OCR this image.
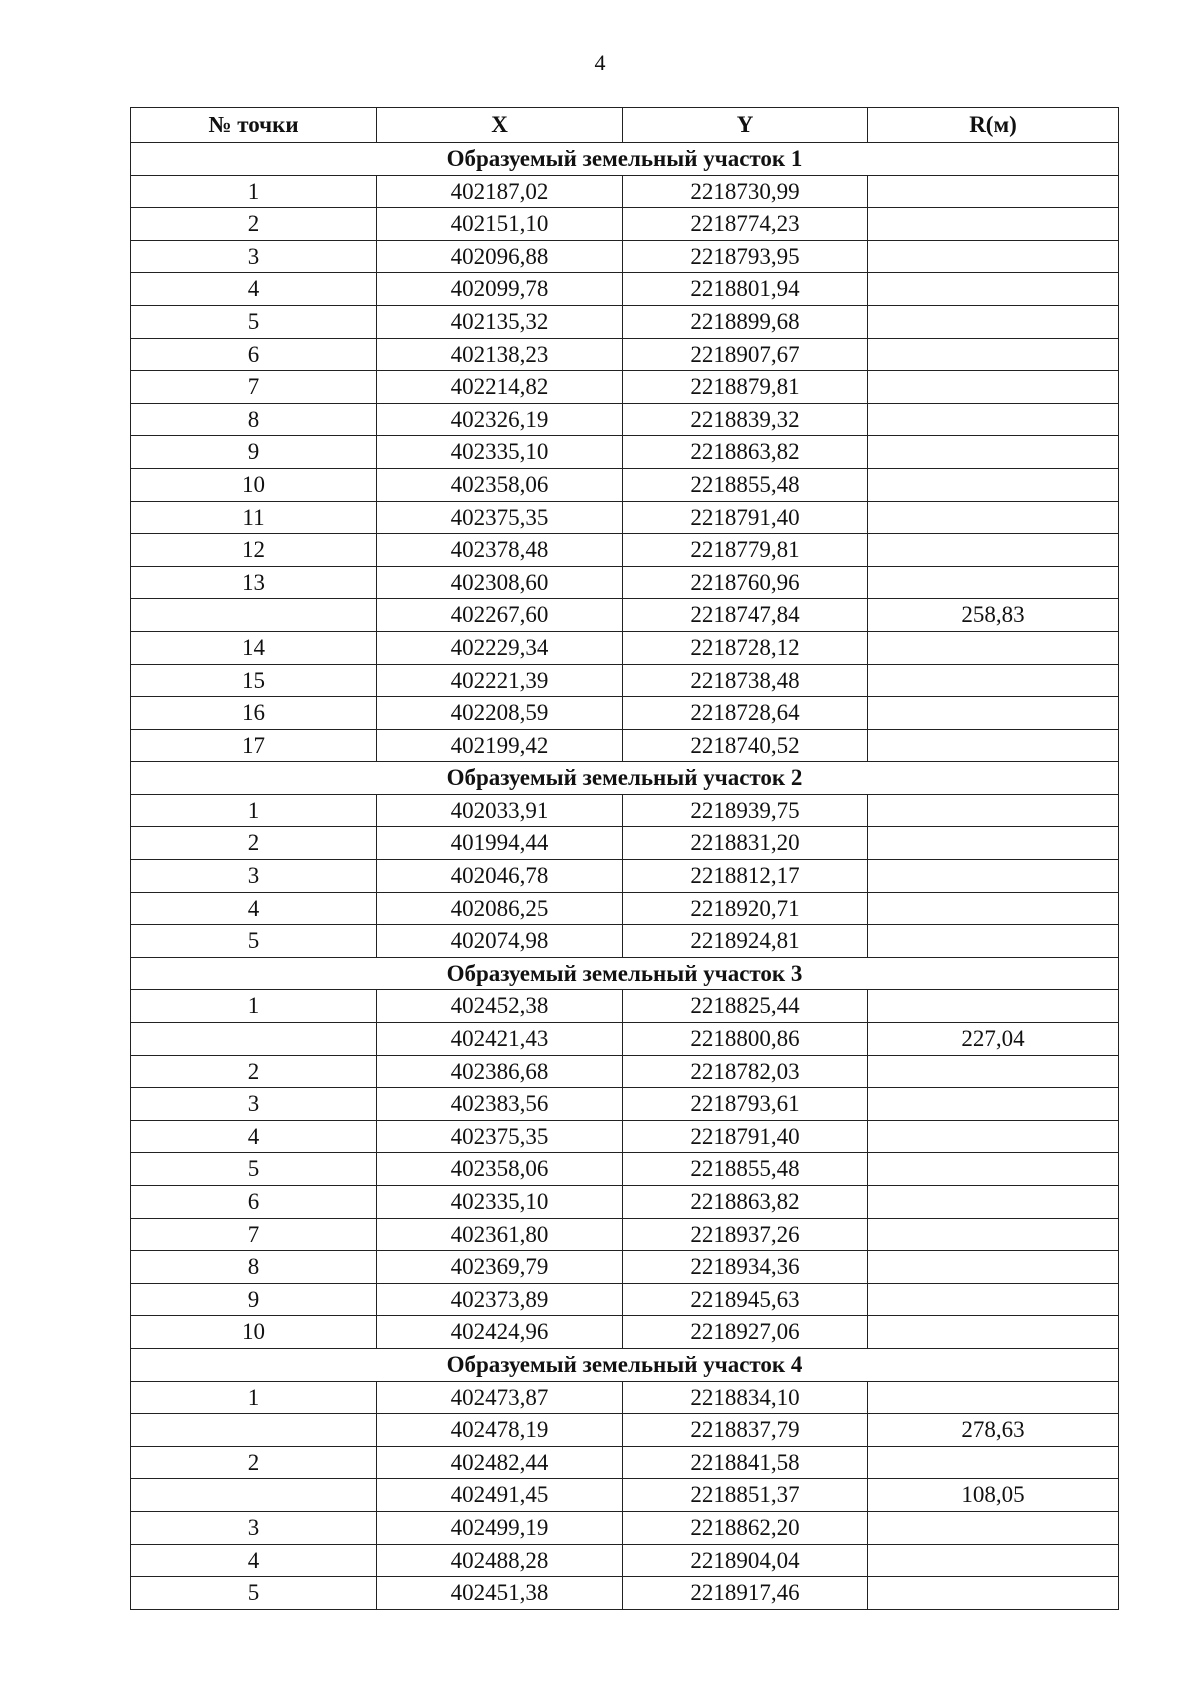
4
№ точки	X	Y	R(м)
Образуемый земельный участок 1			
1	402187,02	2218730,99	
2	402151,10	2218774,23	
3	402096,88	2218793,95	
4	402099,78	2218801,94	
5	402135,32	2218899,68	
6	402138,23	2218907,67	
7	402214,82	2218879,81	
8	402326,19	2218839,32	
9	402335,10	2218863,82	
10	402358,06	2218855,48	
11	402375,35	2218791,40	
12	402378,48	2218779,81	
13	402308,60	2218760,96	
	402267,60	2218747,84	258,83
14	402229,34	2218728,12	
15	402221,39	2218738,48	
16	402208,59	2218728,64	
17	402199,42	2218740,52	
Образуемый земельный участок 2			
1	402033,91	2218939,75	
2	401994,44	2218831,20	
3	402046,78	2218812,17	
4	402086,25	2218920,71	
5	402074,98	2218924,81	
Образуемый земельный участок 3			
1	402452,38	2218825,44	
	402421,43	2218800,86	227,04
2	402386,68	2218782,03	
3	402383,56	2218793,61	
4	402375,35	2218791,40	
5	402358,06	2218855,48	
6	402335,10	2218863,82	
7	402361,80	2218937,26	
8	402369,79	2218934,36	
9	402373,89	2218945,63	
10	402424,96	2218927,06	
Образуемый земельный участок 4			
1	402473,87	2218834,10	
	402478,19	2218837,79	278,63
2	402482,44	2218841,58	
	402491,45	2218851,37	108,05
3	402499,19	2218862,20	
4	402488,28	2218904,04	
5	402451,38	2218917,46	
